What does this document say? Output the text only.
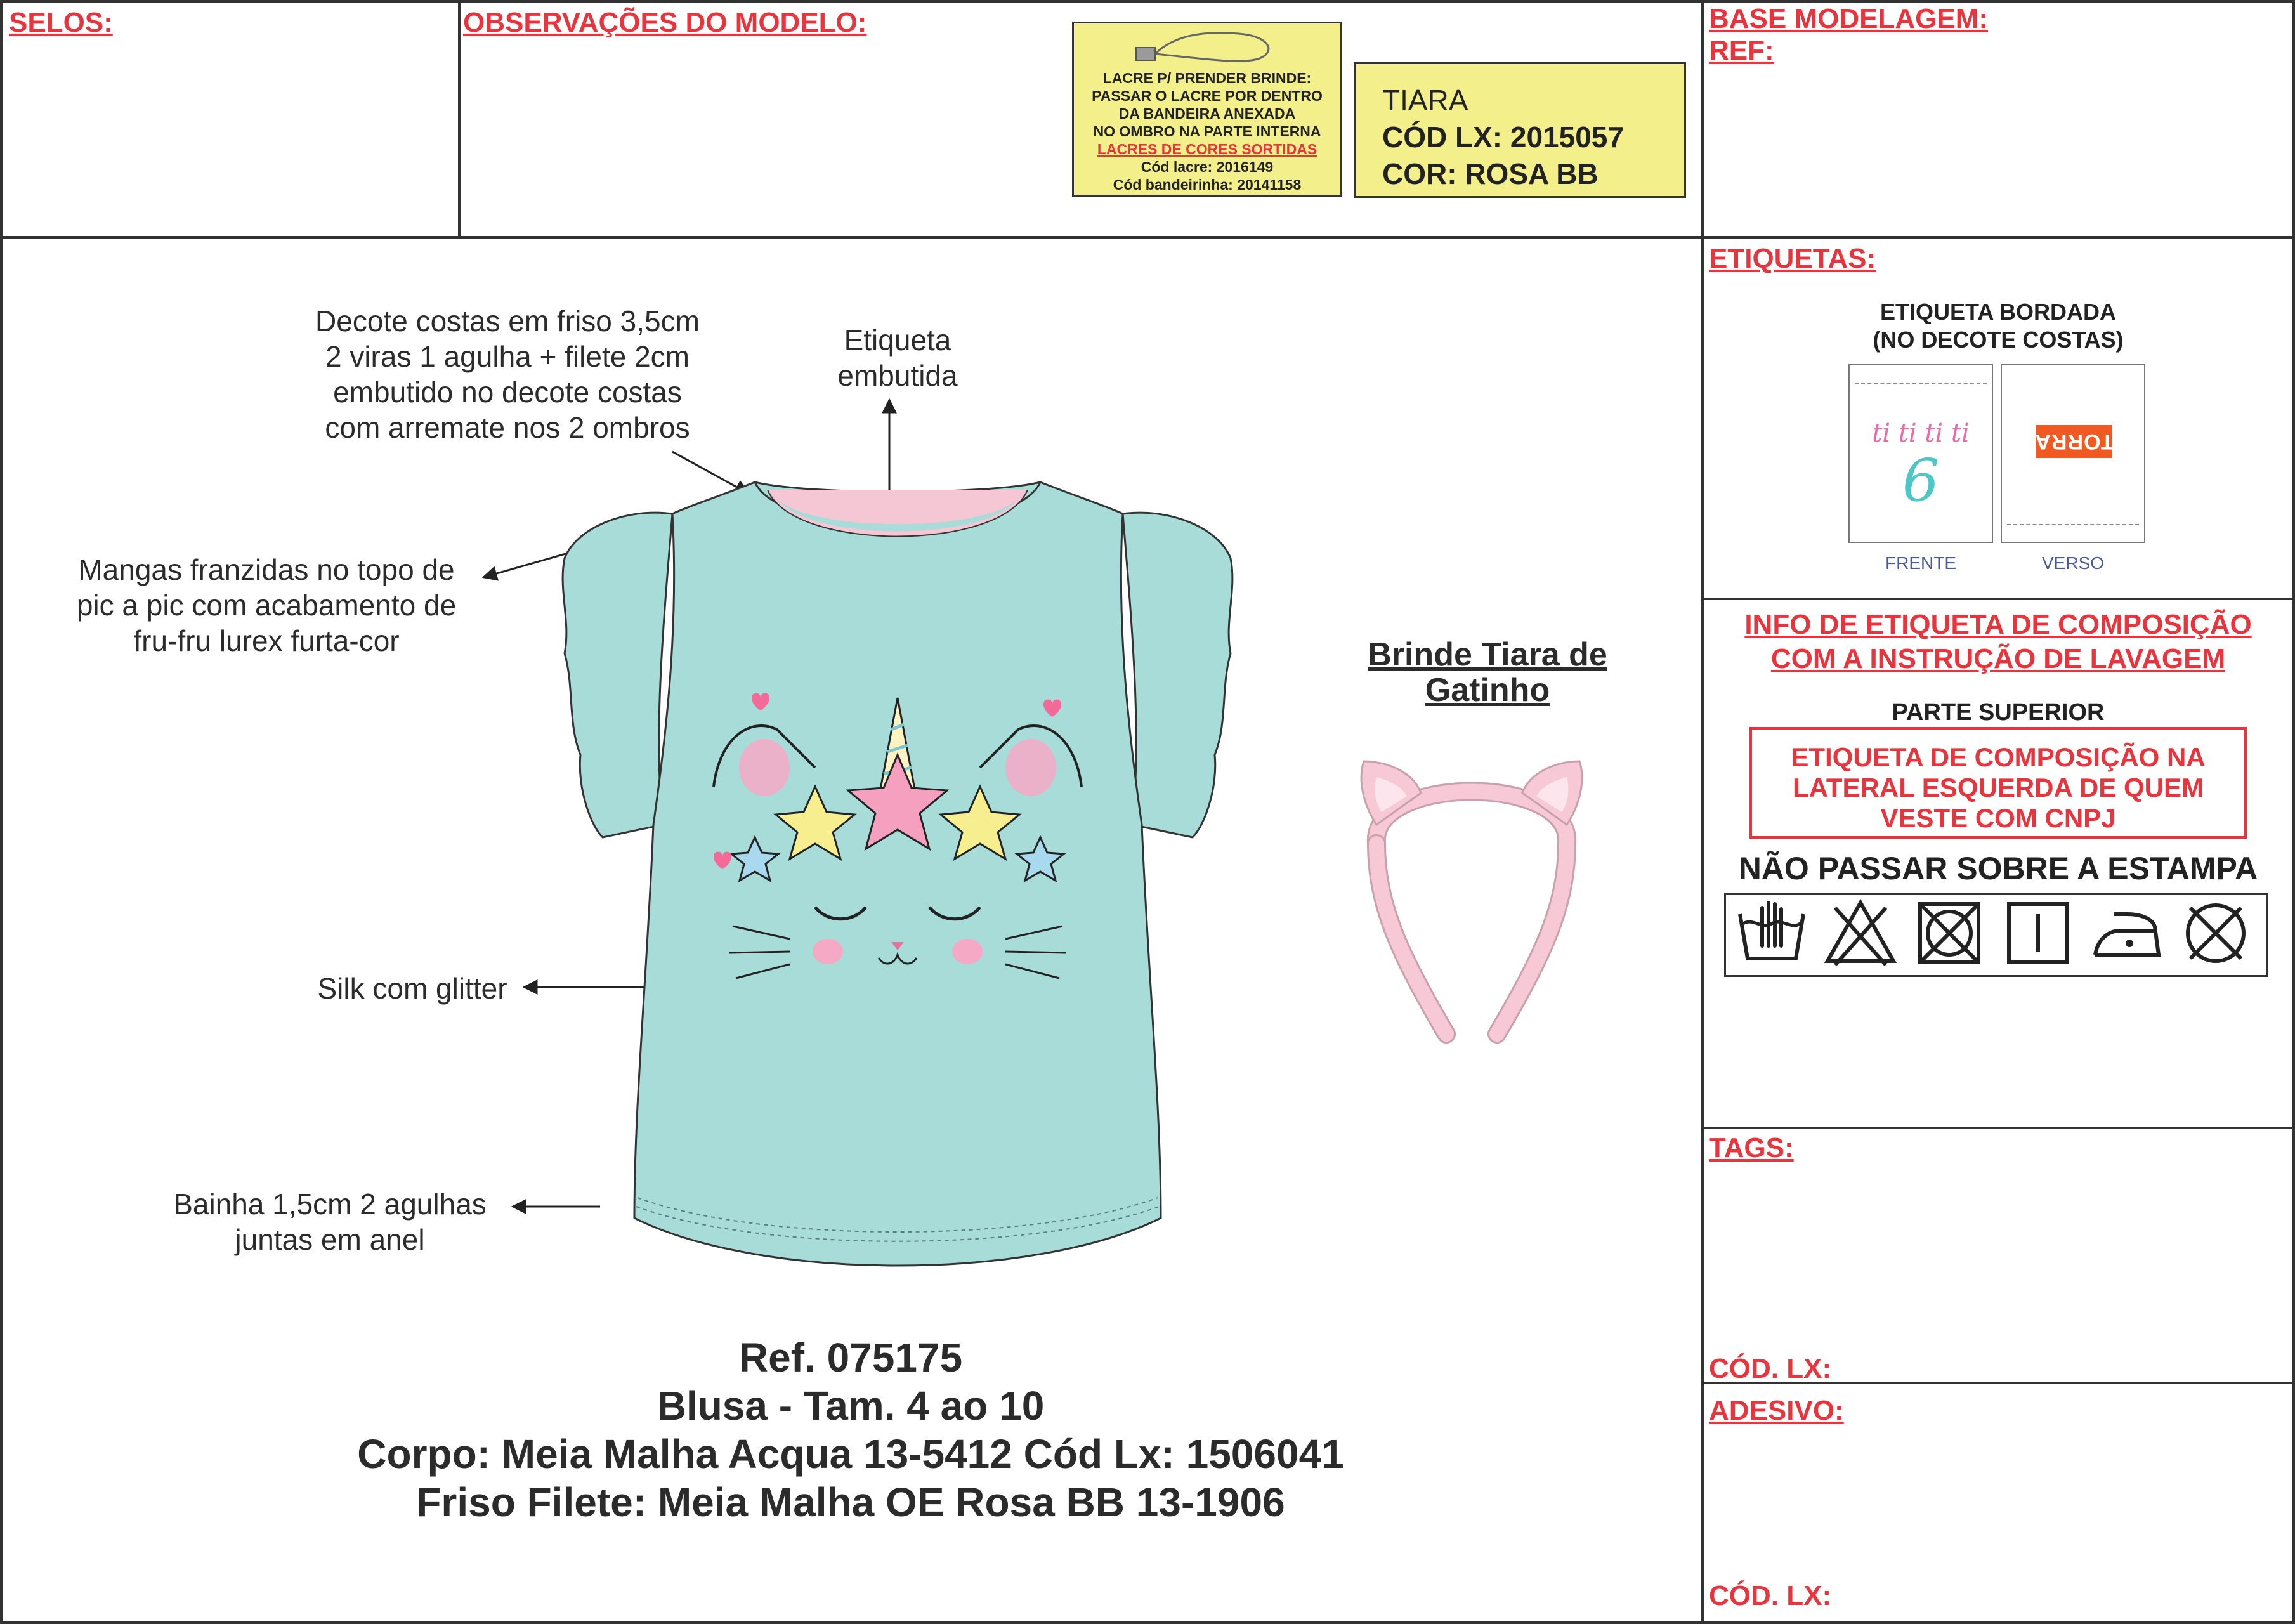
SELOS:	OBSERVAÇÕES DO MODELO:	BASE MODELAGEM:
REF:
ETIQUETAS:
TAGS:
CÓD. LX:
ADESIVO:
CÓD. LX:
LACRE P/ PRENDER BRINDE:
PASSAR O LACRE POR DENTRO
DA BANDEIRA ANEXADA
NO OMBRO NA PARTE INTERNA
LACRES DE CORES SORTIDAS
Cód lacre: 2016149
Cód bandeirinha: 20141158
TIARA
CÓD LX: 2015057
COR: ROSA BB
Decote costas em friso 3,5cm
2 viras 1 agulha + filete 2cm
embutido no decote costas
com arremate nos 2 ombros
Etiqueta
embutida
Mangas franzidas no topo de
pic a pic com acabamento de
fru-fru lurex furta-cor
Silk com glitter
Bainha 1,5cm 2 agulhas
juntas em anel
Brinde Tiara de
Gatinho
Ref. 075175
Blusa - Tam. 4 ao 10
Corpo: Meia Malha Acqua 13-5412 Cód Lx: 1506041
Friso Filete: Meia Malha OE Rosa BB 13-1906
ETIQUETA BORDADA
(NO DECOTE COSTAS)
ti ti ti ti
6
TORRA
FRENTE	VERSO
INFO DE ETIQUETA DE COMPOSIÇÃO
COM A INSTRUÇÃO DE LAVAGEM
PARTE SUPERIOR
ETIQUETA DE COMPOSIÇÃO NA
LATERAL ESQUERDA DE QUEM
VESTE COM CNPJ
NÃO PASSAR SOBRE A ESTAMPA
